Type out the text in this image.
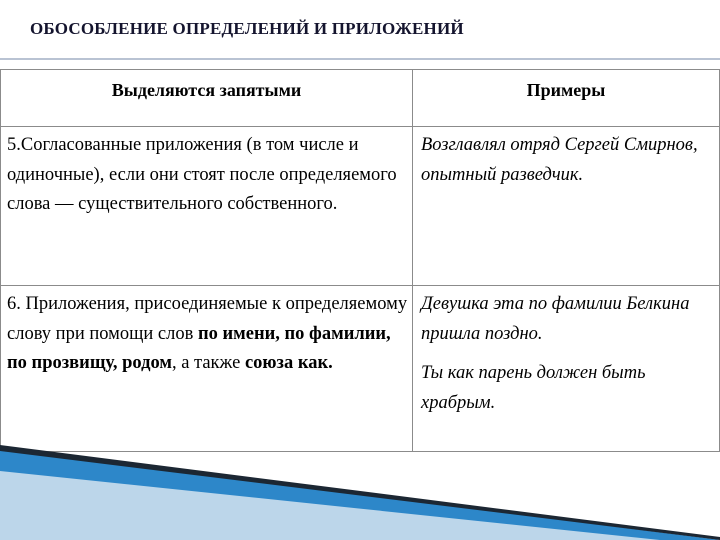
ОБОСОБЛЕНИЕ ОПРЕДЕЛЕНИЙ И ПРИЛОЖЕНИЙ
Выделяются запятыми	Примеры
5.Согласованные приложения (в том числе и одиночные), если они стоят после определяемого слова — существительного собственного.	Возглавлял отряд Сергей Смирнов, опытный разведчик.
6. Приложения, присоединяемые к определяемому слову при помощи слов по имени, по фамилии, по прозвищу, родом, а также союза как.	Девушка эта по фамилии Белкина пришла поздно.
Ты как парень должен быть храбрым.
